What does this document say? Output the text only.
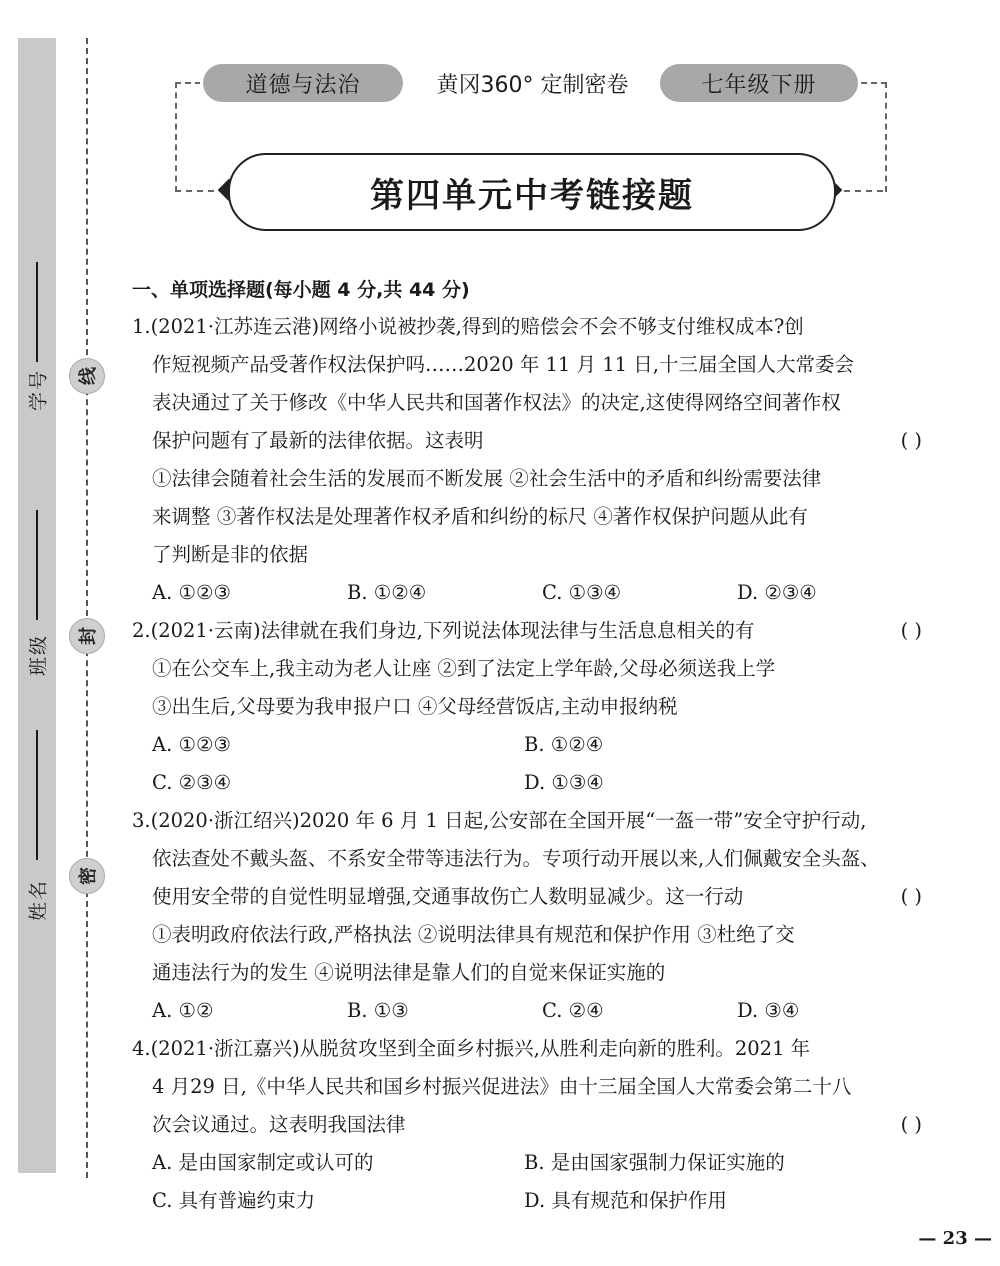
学号
班级
姓名
线
封
密
道德与法治	黄冈360° 定制密卷	七年级下册
第四单元中考链接题
一、单项选择题(每小题 4 分,共 44 分)
1.(2021·江苏连云港)网络小说被抄袭,得到的赔偿会不会不够支付维权成本?创
作短视频产品受著作权法保护吗……2020 年 11 月 11 日,十三届全国人大常委会
表决通过了关于修改《中华人民共和国著作权法》的决定,这使得网络空间著作权
保护问题有了最新的法律依据。这表明	( )
①法律会随着社会生活的发展而不断发展 ②社会生活中的矛盾和纠纷需要法律
来调整 ③著作权法是处理著作权矛盾和纠纷的标尺 ④著作权保护问题从此有
了判断是非的依据
A. ①②③	B. ①②④	C. ①③④	D. ②③④
2.(2021·云南)法律就在我们身边,下列说法体现法律与生活息息相关的有	( )
①在公交车上,我主动为老人让座 ②到了法定上学年龄,父母必须送我上学
③出生后,父母要为我申报户口 ④父母经营饭店,主动申报纳税
A. ①②③	B. ①②④
C. ②③④	D. ①③④
3.(2020·浙江绍兴)2020 年 6 月 1 日起,公安部在全国开展“一盔一带”安全守护行动,
依法查处不戴头盔、不系安全带等违法行为。专项行动开展以来,人们佩戴安全头盔、
使用安全带的自觉性明显增强,交通事故伤亡人数明显减少。这一行动	( )
①表明政府依法行政,严格执法 ②说明法律具有规范和保护作用 ③杜绝了交
通违法行为的发生 ④说明法律是靠人们的自觉来保证实施的
A. ①②	B. ①③	C. ②④	D. ③④
4.(2021·浙江嘉兴)从脱贫攻坚到全面乡村振兴,从胜利走向新的胜利。2021 年
4 月29 日,《中华人民共和国乡村振兴促进法》由十三届全国人大常委会第二十八
次会议通过。这表明我国法律	( )
A. 是由国家制定或认可的	B. 是由国家强制力保证实施的
C. 具有普遍约束力	D. 具有规范和保护作用
— 23 —
